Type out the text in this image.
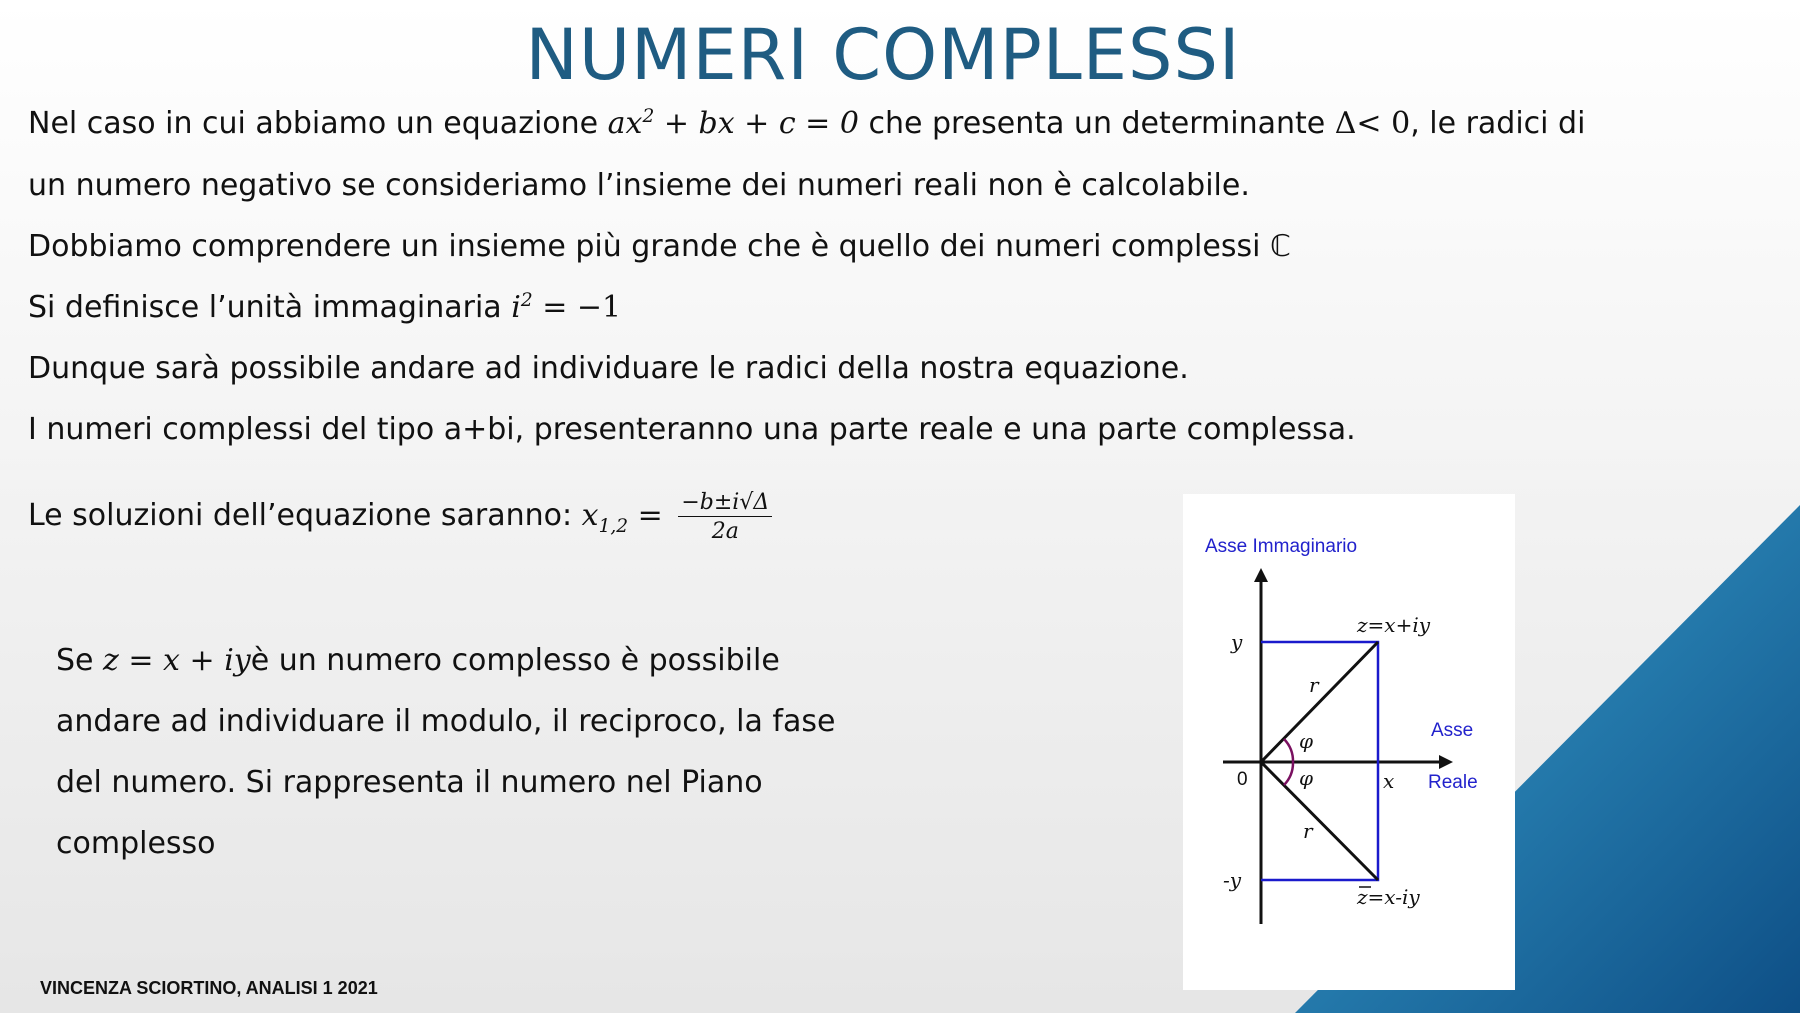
NUMERI COMPLESSI
Nel caso in cui abbiamo un equazione $ax^2$ + bx + c = 0 che presenta un determinante Δ< 0, le radici di
un numero negativo se consideriamo l’insieme dei numeri reali non è calcolabile.
Dobbiamo comprendere un insieme più grande che è quello dei numeri complessi ℂ
Si definisce l’unità immaginaria $i^2 = -1$
Dunque sarà possibile andare ad individuare le radici della nostra equazione.
I numeri complessi del tipo a+bi, presenteranno una parte reale e una parte complessa.
Le soluzioni dell’equazione saranno: $x_{1,2} = \frac{-b\pm i√\Delta}{2a}$
Se z = x + iyè un numero complesso è possibile
andare ad individuare il modulo, il reciproco, la fase
del numero. Si rappresenta il numero nel Piano
complesso
VINCENZA SCIORTINO, ANALISI 1 2021
Asse Immaginario
Asse
Reale
z=x+iy
z=x-iy
y
-y
0	x
r
r
φ
φ
